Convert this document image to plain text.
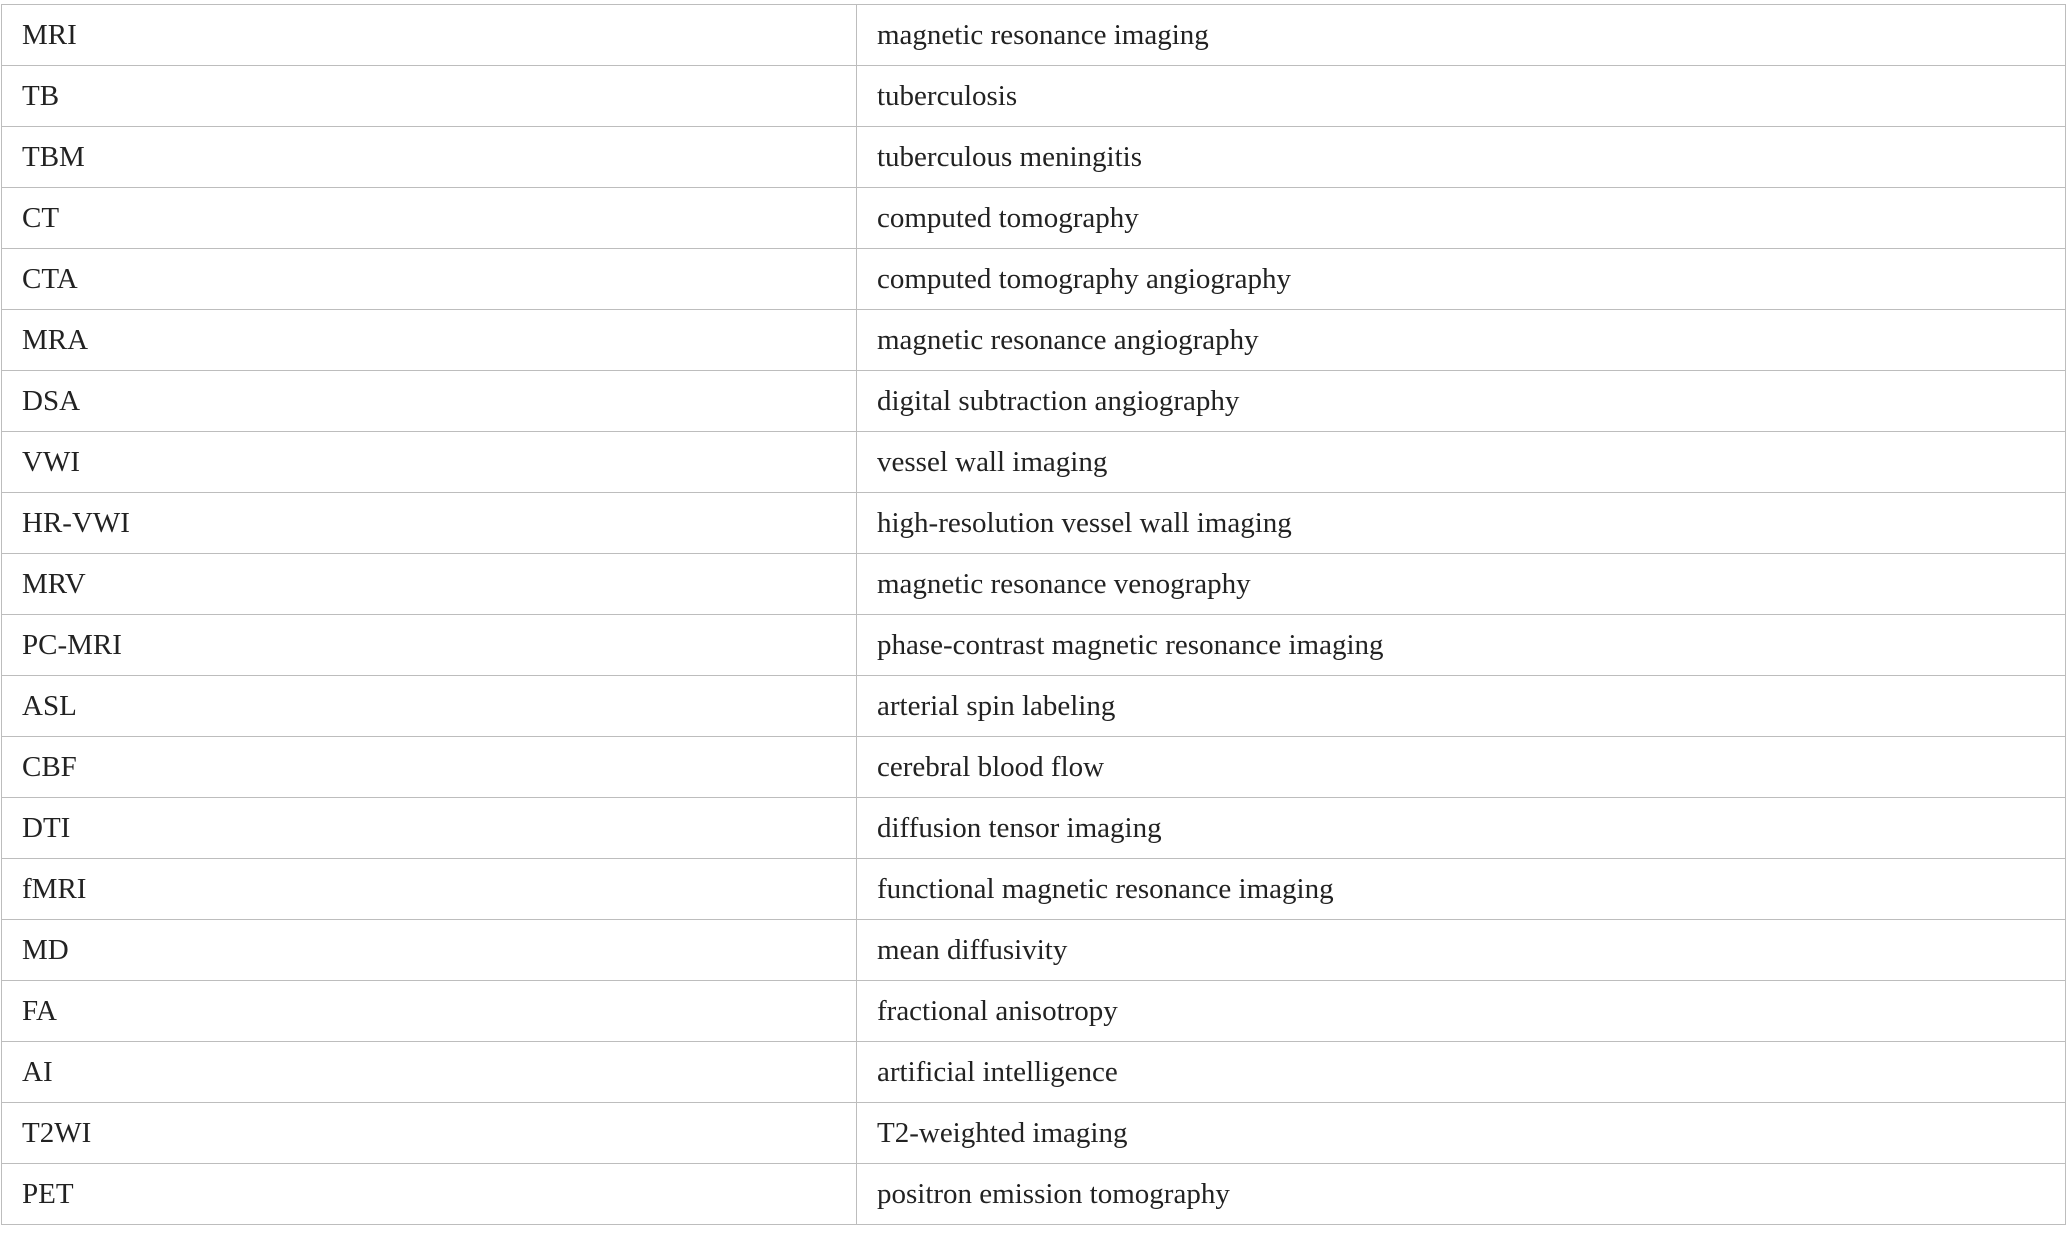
MRI	magnetic resonance imaging
TB	tuberculosis
TBM	tuberculous meningitis
CT	computed tomography
CTA	computed tomography angiography
MRA	magnetic resonance angiography
DSA	digital subtraction angiography
VWI	vessel wall imaging
HR-VWI	high-resolution vessel wall imaging
MRV	magnetic resonance venography
PC-MRI	phase-contrast magnetic resonance imaging
ASL	arterial spin labeling
CBF	cerebral blood flow
DTI	diffusion tensor imaging
fMRI	functional magnetic resonance imaging
MD	mean diffusivity
FA	fractional anisotropy
AI	artificial intelligence
T2WI	T2-weighted imaging
PET	positron emission tomography
